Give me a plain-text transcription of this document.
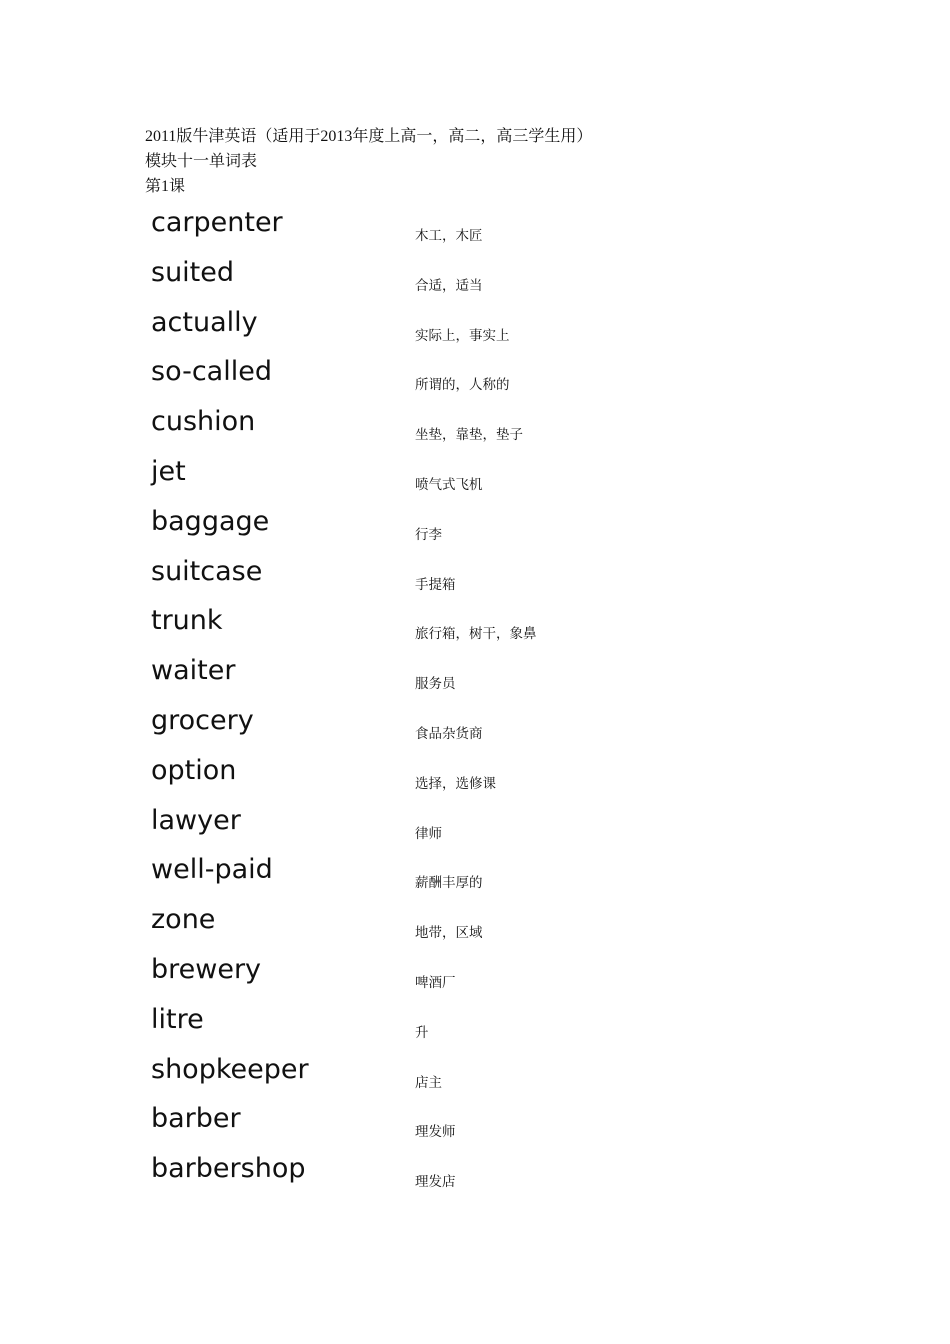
2011版牛津英语（适用于2013年度上高一，高二，高三学生用）
模块十一单词表
第1课
carpenter	木工，木匠
suited	合适，适当
actually	实际上，事实上
so-called	所谓的，人称的
cushion	坐垫，靠垫，垫子
jet	喷气式飞机
baggage	行李
suitcase	手提箱
trunk	旅行箱，树干，象鼻
waiter	服务员
grocery	食品杂货商
option	选择，选修课
lawyer	律师
well-paid	薪酬丰厚的
zone	地带，区域
brewery	啤酒厂
litre	升
shopkeeper	店主
barber	理发师
barbershop	理发店
